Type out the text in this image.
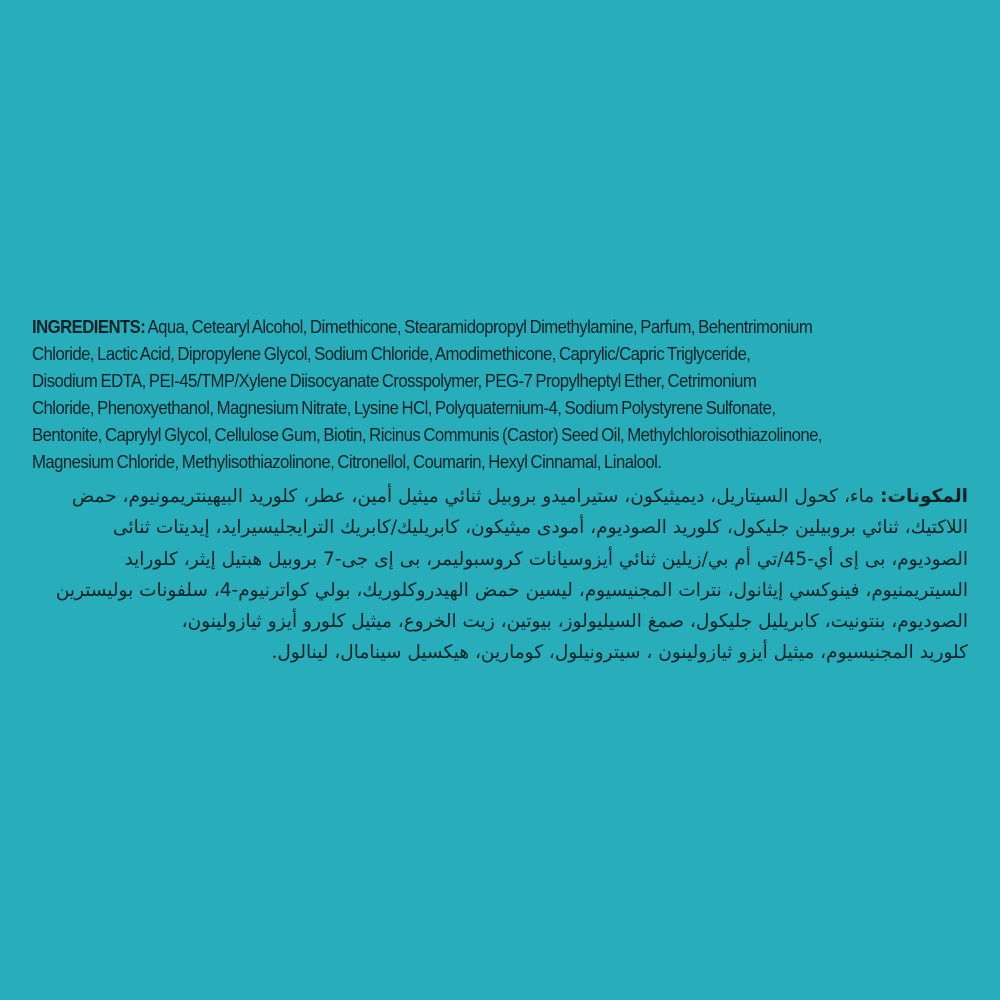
INGREDIENTS: Aqua, Cetearyl Alcohol, Dimethicone, Stearamidopropyl Dimethylamine, Parfum, Behentrimonium
Chloride, Lactic Acid, Dipropylene Glycol, Sodium Chloride, Amodimethicone, Caprylic/Capric Triglyceride,
Disodium EDTA, PEI-45/TMP/Xylene Diisocyanate Crosspolymer, PEG-7 Propylheptyl Ether, Cetrimonium
Chloride, Phenoxyethanol, Magnesium Nitrate, Lysine HCl, Polyquaternium-4, Sodium Polystyrene Sulfonate,
Bentonite, Caprylyl Glycol, Cellulose Gum, Biotin, Ricinus Communis (Castor) Seed Oil, Methylchloroisothiazolinone,
Magnesium Chloride, Methylisothiazolinone, Citronellol, Coumarin, Hexyl Cinnamal, Linalool.
المكونات: ماء، كحول السيتاريل، ديميثيكون، ستيراميدو بروبيل ثنائي ميثيل أمين، عطر، كلوريد البيهينتريمونيوم، حمض
اللاكتيك، ثنائي بروبيلين جليكول، كلوريد الصوديوم، أمودى ميثيكون، كابريليك/كابريك الترايجليسيرايد، إيديتات ثنائى
الصوديوم، بى إى أي-45/تي أم بي/زيلين ثنائي أيزوسيانات كروسبوليمر، بى إى جى-7 بروبيل هبتيل إيثر، كلورايد
السيتريمنيوم، فينوكسي إيثانول، نترات المجنيسيوم، ليسين حمض الهيدروكلوريك، بولي كواترنيوم-4، سلفونات بوليسترين
الصوديوم، بنتونيت، كابريليل جليكول، صمغ السيليولوز، بيوتين، زيت الخروع، ميثيل كلورو أيزو ثيازولينون،
كلوريد المجنيسيوم، ميثيل أيزو ثيازولينون ، سيترونيلول، كومارين، هيكسيل سينامال، لينالول.
